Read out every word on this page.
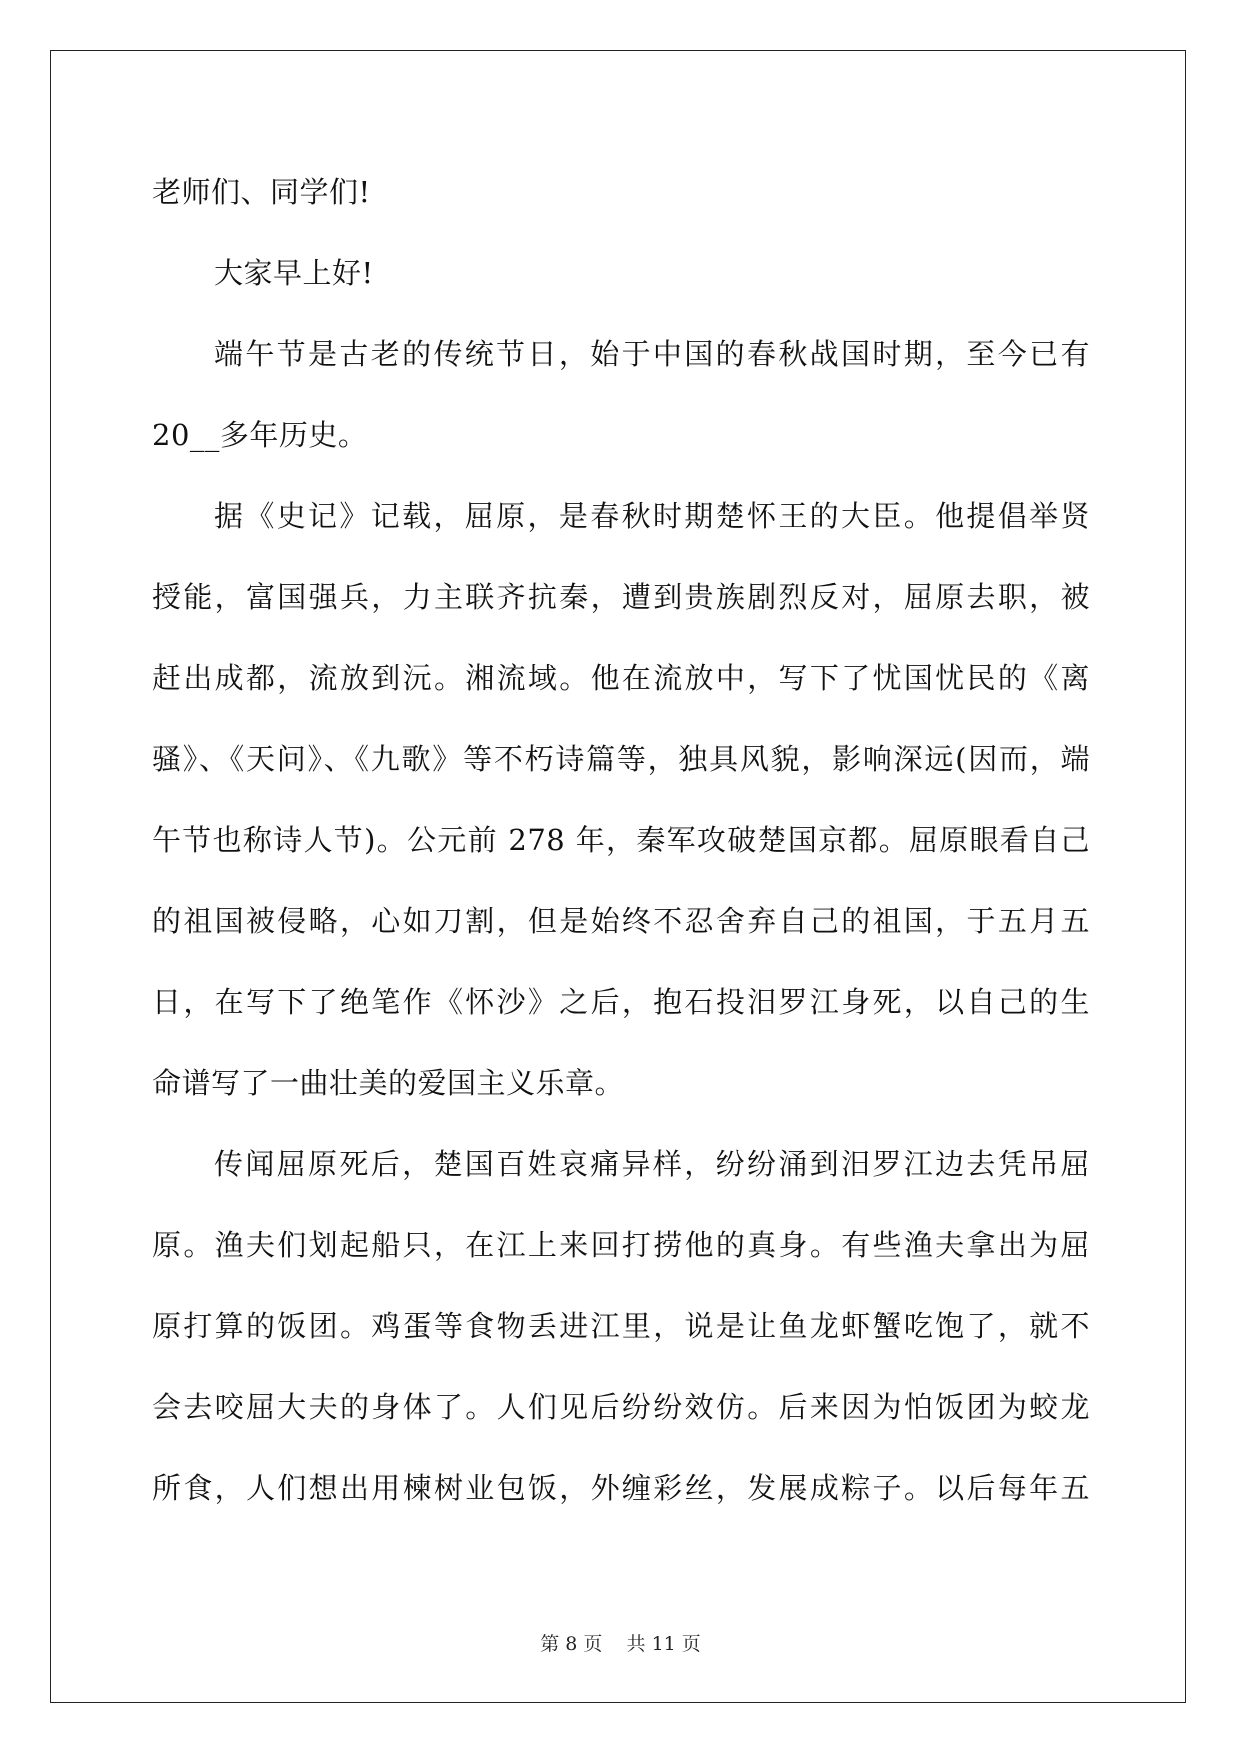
老师们、同学们!
大家早上好!
端午节是古老的传统节日，始于中国的春秋战国时期，至今已有
20__多年历史。
据《史记》记载，屈原，是春秋时期楚怀王的大臣。他提倡举贤
授能，富国强兵，力主联齐抗秦，遭到贵族剧烈反对，屈原去职，被
赶出成都，流放到沅。湘流域。他在流放中，写下了忧国忧民的《离
骚》、《天问》、《九歌》等不朽诗篇等，独具风貌，影响深远(因而，端
午节也称诗人节)。公元前 278 年，秦军攻破楚国京都。屈原眼看自己
的祖国被侵略，心如刀割，但是始终不忍舍弃自己的祖国，于五月五
日，在写下了绝笔作《怀沙》之后，抱石投汨罗江身死，以自己的生
命谱写了一曲壮美的爱国主义乐章。
传闻屈原死后，楚国百姓哀痛异样，纷纷涌到汨罗江边去凭吊屈
原。渔夫们划起船只，在江上来回打捞他的真身。有些渔夫拿出为屈
原打算的饭团。鸡蛋等食物丢进江里，说是让鱼龙虾蟹吃饱了，就不
会去咬屈大夫的身体了。人们见后纷纷效仿。后来因为怕饭团为蛟龙
所食，人们想出用楝树业包饭，外缠彩丝，发展成粽子。以后每年五
第 8 页    共 11 页
